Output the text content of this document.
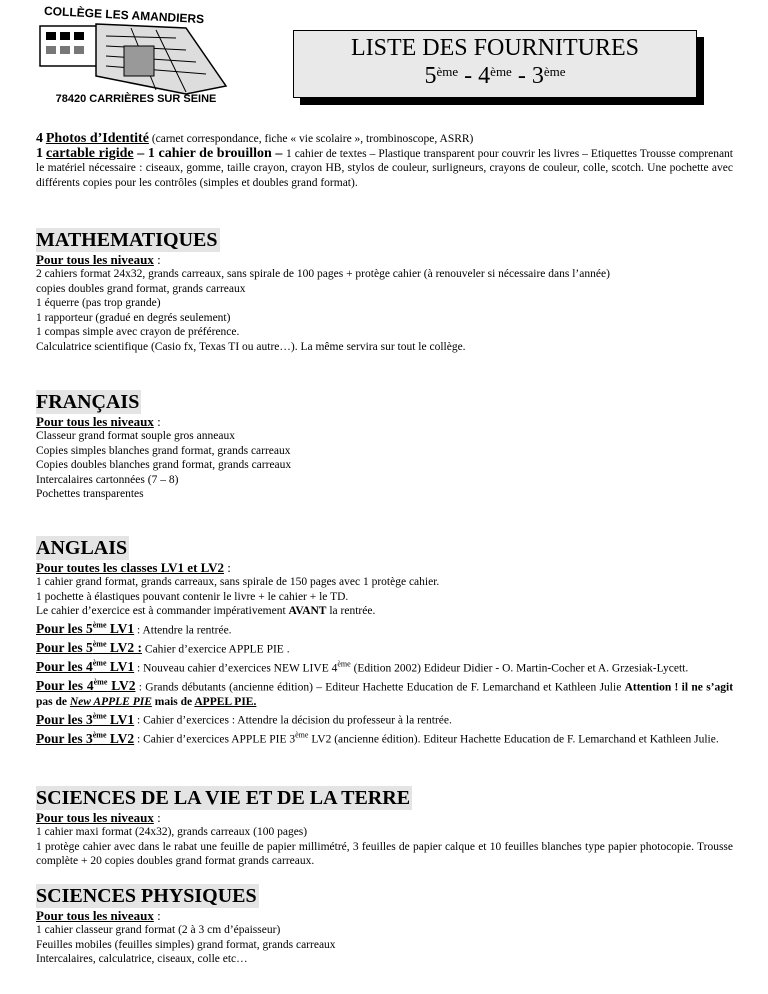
COLLÈGE LES AMANDIERS
78420 CARRIÈRES SUR SEINE
LISTE DES FOURNITURES
5ème - 4ème - 3ème

4 Photos d’Identité (carnet correspondance, fiche « vie scolaire », trombinoscope, ASRR)

1 cartable rigide – 1 cahier de brouillon – 1 cahier de textes – Plastique transparent pour couvrir les livres – Etiquettes Trousse comprenant le matériel nécessaire : ciseaux, gomme, taille crayon, crayon HB, stylos de couleur, surligneurs, crayons de couleur, colle, scotch. Une pochette avec différents copies pour les contrôles (simples et doubles grand format).

MATHEMATIQUES

Pour tous les niveaux :

2 cahiers format 24x32, grands carreaux, sans spirale de 100 pages + protège cahier (à renouveler si nécessaire dans l’année)
copies doubles grand format, grands carreaux
1 équerre (pas trop grande)
1 rapporteur (gradué en degrés seulement)
1 compas simple avec crayon de préférence.
Calculatrice scientifique (Casio fx, Texas TI ou autre…). La même servira sur tout le collège.
FRANÇAIS

Pour tous les niveaux :

Classeur grand format souple gros anneaux
Copies simples blanches grand format, grands carreaux
Copies doubles blanches grand format, grands carreaux
Intercalaires cartonnées (7 – 8)
Pochettes transparentes
ANGLAIS

Pour toutes les classes LV1 et LV2 :

1 cahier grand format, grands carreaux, sans spirale de 150 pages avec 1 protège cahier.
1 pochette à élastiques pouvant contenir le livre + le cahier + le TD.
Le cahier d’exercice est à commander impérativement AVANT la rentrée.

Pour les 5ème LV1 : Attendre la rentrée.

Pour les 5ème LV2 : Cahier d’exercice APPLE PIE .

Pour les 4ème LV1 : Nouveau cahier d’exercices NEW LIVE 4ème (Edition 2002) Edideur Didier - O. Martin-Cocher et A. Grzesiak-Lycett.

Pour les 4ème LV2 : Grands débutants (ancienne édition) – Editeur Hachette Education de F. Lemarchand et Kathleen Julie Attention ! il ne s’agit pas de New APPLE PIE mais de APPEL PIE.

Pour les 3ème LV1 : Cahier d’exercices : Attendre la décision du professeur à la rentrée.

Pour les 3ème LV2 : Cahier d’exercices APPLE PIE 3ème LV2 (ancienne édition). Editeur Hachette Education de F. Lemarchand et Kathleen Julie.

SCIENCES DE LA VIE ET DE LA TERRE

Pour tous les niveaux :

1 cahier maxi format (24x32), grands carreaux (100 pages)
1 protège cahier avec dans le rabat une feuille de papier millimétré, 3 feuilles de papier calque et 10 feuilles blanches type papier photocopie. Trousse complète + 20 copies doubles grand format grands carreaux.
SCIENCES PHYSIQUES

Pour tous les niveaux :

1 cahier classeur grand format (2 à 3 cm d’épaisseur)
Feuilles mobiles (feuilles simples) grand format, grands carreaux
Intercalaires, calculatrice, ciseaux, colle etc…
